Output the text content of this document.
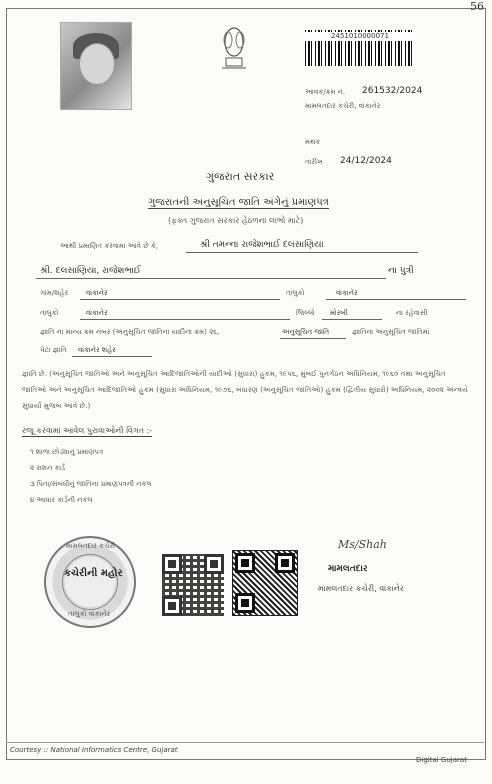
56
2451010000071
આવક/ક્રમ નં. 261532/2024
મામલતદાર કચેરી, વાંકાનેર
મથક
તારીખ 24/12/2024
ગુજરાત સરકાર
ગુજરાતની અનુસૂચિત જાતિ અંગેનું પ્રમાણપત્ર
(ફક્ત ગુજરાત સરકાર હેઠળના લાભો માટે)
આથી પ્રમાણિત કરવામાં આવે છે કે,	શ્રી તમન્ના રાજેશભાઈ દલસાણિયા
શ્રી. દલસાણિયા, રાજેશભાઈ	ના પુત્રી
ગામ/શહેર	વાંકાનેર	તાલુકો	વાંકાનેર
તાલુકો	વાંકાનેર	જિલ્લો મોરબી	ના રહેવાસી
જ્ઞાતિ ના માન્ય ક્રમ નંબર (અનુસૂચિત જાતિના યાદીના ક્રમ) ૨૬,	અનુસૂચિત જાતિ	જ્ઞાતિના અનુસૂચિત જાતિમાં
પેટા જ્ઞાતિ વાંકાનેર શહેર
જ્ઞાતિ છે. (અનુસૂચિત જાતિઓ અને અનુસૂચિત આદિજાતિઓની યાદીઓ (સુધારા) હુકમ, ૧૯૫૬, મુંબઈ પુનર્ગઠન અધિનિયમ, ૧૯૬૦ તથા અનુસૂચિત જાતિઓ અને અનુસૂચિત આદિજાતિઓ હુકમ (સુધારા અધિનિયમ, ૧૯૭૬, બંધારણ (અનુસૂચિત જાતિઓ) હુકમ (દ્વિતીય સુધારો) અધિનિયમ, ૨૦૦૨ અન્વયે સુધાર્યા મુજબ આવે છે.)
રજૂ કરવામાં આવેલ પુરાવાઓની વિગત :-
૧ શાળા છોડ્યાનું પ્રમાણપત્ર
૨ રાશન કાર્ડ
૩ પિતા/સંબંધીનું જાતિના પ્રમાણપત્રની નકલ
૪ આધાર કાર્ડની નકલ
મામલતદાર કચેરી
કચેરીની મહોર
તાલુકો વાંકાનેર
Ms/Shah
મામલતદાર
મામલતદાર કચેરી, વાંકાનેર
Courtesy :: National Informatics Centre, Gujarat
Digital Gujarat
